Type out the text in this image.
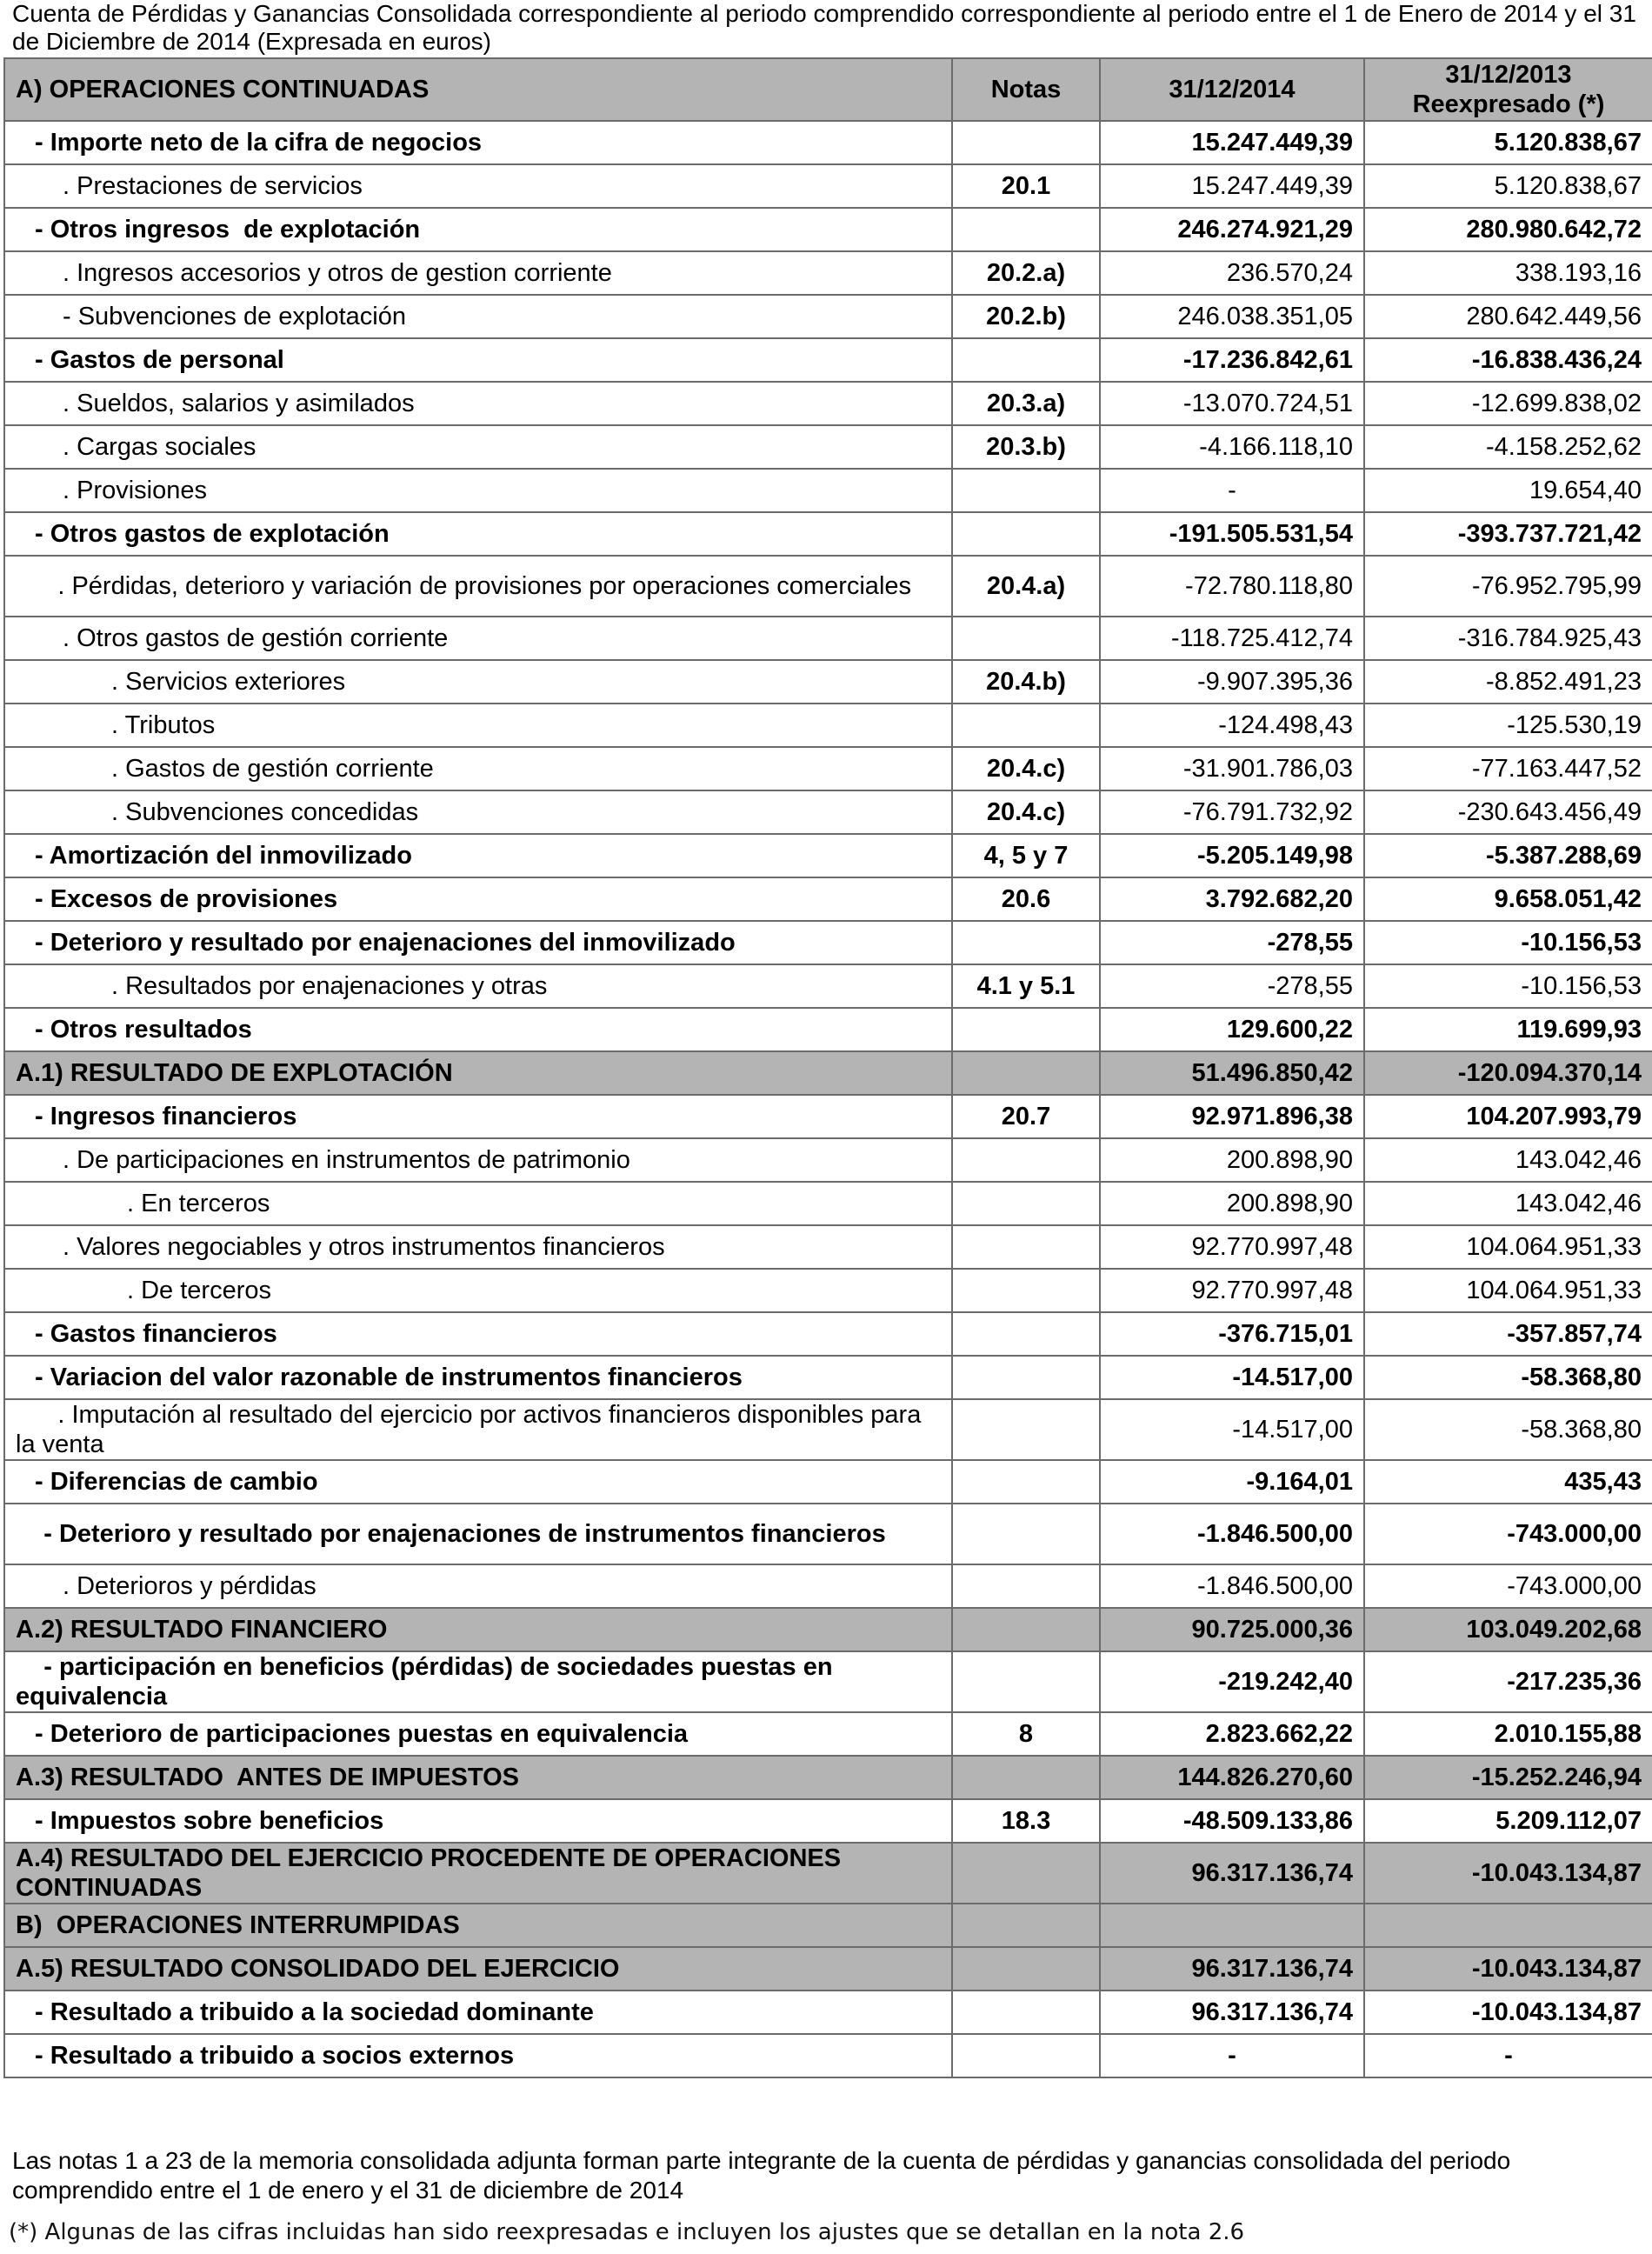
Cuenta de Pérdidas y Ganancias Consolidada correspondiente al periodo comprendido correspondiente al periodo entre el 1 de Enero de 2014 y el 31 de Diciembre de 2014 (Expresada en euros)
A) OPERACIONES CONTINUADAS	Notas	31/12/2014	31/12/2013
Reexpresado (*)

- Importe neto de la cifra de negocios		15.247.449,39	5.120.838,67
. Prestaciones de servicios	20.1	15.247.449,39	5.120.838,67
- Otros ingresos  de explotación		246.274.921,29	280.980.642,72
. Ingresos accesorios y otros de gestion corriente	20.2.a)	236.570,24	338.193,16
- Subvenciones de explotación	20.2.b)	246.038.351,05	280.642.449,56
- Gastos de personal		-17.236.842,61	-16.838.436,24
. Sueldos, salarios y asimilados	20.3.a)	-13.070.724,51	-12.699.838,02
. Cargas sociales	20.3.b)	-4.166.118,10	-4.158.252,62
. Provisiones		-	19.654,40
- Otros gastos de explotación		-191.505.531,54	-393.737.721,42
. Pérdidas, deterioro y variación de provisiones por operaciones comerciales	20.4.a)	-72.780.118,80	-76.952.795,99
. Otros gastos de gestión corriente		-118.725.412,74	-316.784.925,43
. Servicios exteriores	20.4.b)	-9.907.395,36	-8.852.491,23
. Tributos		-124.498,43	-125.530,19
. Gastos de gestión corriente	20.4.c)	-31.901.786,03	-77.163.447,52
. Subvenciones concedidas	20.4.c)	-76.791.732,92	-230.643.456,49
- Amortización del inmovilizado	4, 5 y 7	-5.205.149,98	-5.387.288,69
- Excesos de provisiones	20.6	3.792.682,20	9.658.051,42
- Deterioro y resultado por enajenaciones del inmovilizado		-278,55	-10.156,53
. Resultados por enajenaciones y otras	4.1 y 5.1	-278,55	-10.156,53
- Otros resultados		129.600,22	119.699,93
A.1) RESULTADO DE EXPLOTACIÓN		51.496.850,42	-120.094.370,14
- Ingresos financieros	20.7	92.971.896,38	104.207.993,79
. De participaciones en instrumentos de patrimonio		200.898,90	143.042,46
. En terceros		200.898,90	143.042,46
. Valores negociables y otros instrumentos financieros		92.770.997,48	104.064.951,33
. De terceros		92.770.997,48	104.064.951,33
- Gastos financieros		-376.715,01	-357.857,74
- Variacion del valor razonable de instrumentos financieros		-14.517,00	-58.368,80
. Imputación al resultado del ejercicio por activos financieros disponibles para la venta		-14.517,00	-58.368,80
- Diferencias de cambio		-9.164,01	435,43
- Deterioro y resultado por enajenaciones de instrumentos financieros		-1.846.500,00	-743.000,00
. Deterioros y pérdidas		-1.846.500,00	-743.000,00
A.2) RESULTADO FINANCIERO		90.725.000,36	103.049.202,68
- participación en beneficios (pérdidas) de sociedades puestas en equivalencia		-219.242,40	-217.235,36
- Deterioro de participaciones puestas en equivalencia	8	2.823.662,22	2.010.155,88
A.3) RESULTADO  ANTES DE IMPUESTOS		144.826.270,60	-15.252.246,94
- Impuestos sobre beneficios	18.3	-48.509.133,86	5.209.112,07
A.4) RESULTADO DEL EJERCICIO PROCEDENTE DE OPERACIONES CONTINUADAS		96.317.136,74	-10.043.134,87
B)  OPERACIONES INTERRUMPIDAS			
A.5) RESULTADO CONSOLIDADO DEL EJERCICIO		96.317.136,74	-10.043.134,87
- Resultado a tribuido a la sociedad dominante		96.317.136,74	-10.043.134,87
- Resultado a tribuido a socios externos		-	-
Las notas 1 a 23 de la memoria consolidada adjunta forman parte integrante de la cuenta de pérdidas y ganancias consolidada del periodo comprendido entre el 1 de enero y el 31 de diciembre de 2014
(*) Algunas de las cifras incluidas han sido reexpresadas e incluyen los ajustes que se detallan en la nota 2.6
